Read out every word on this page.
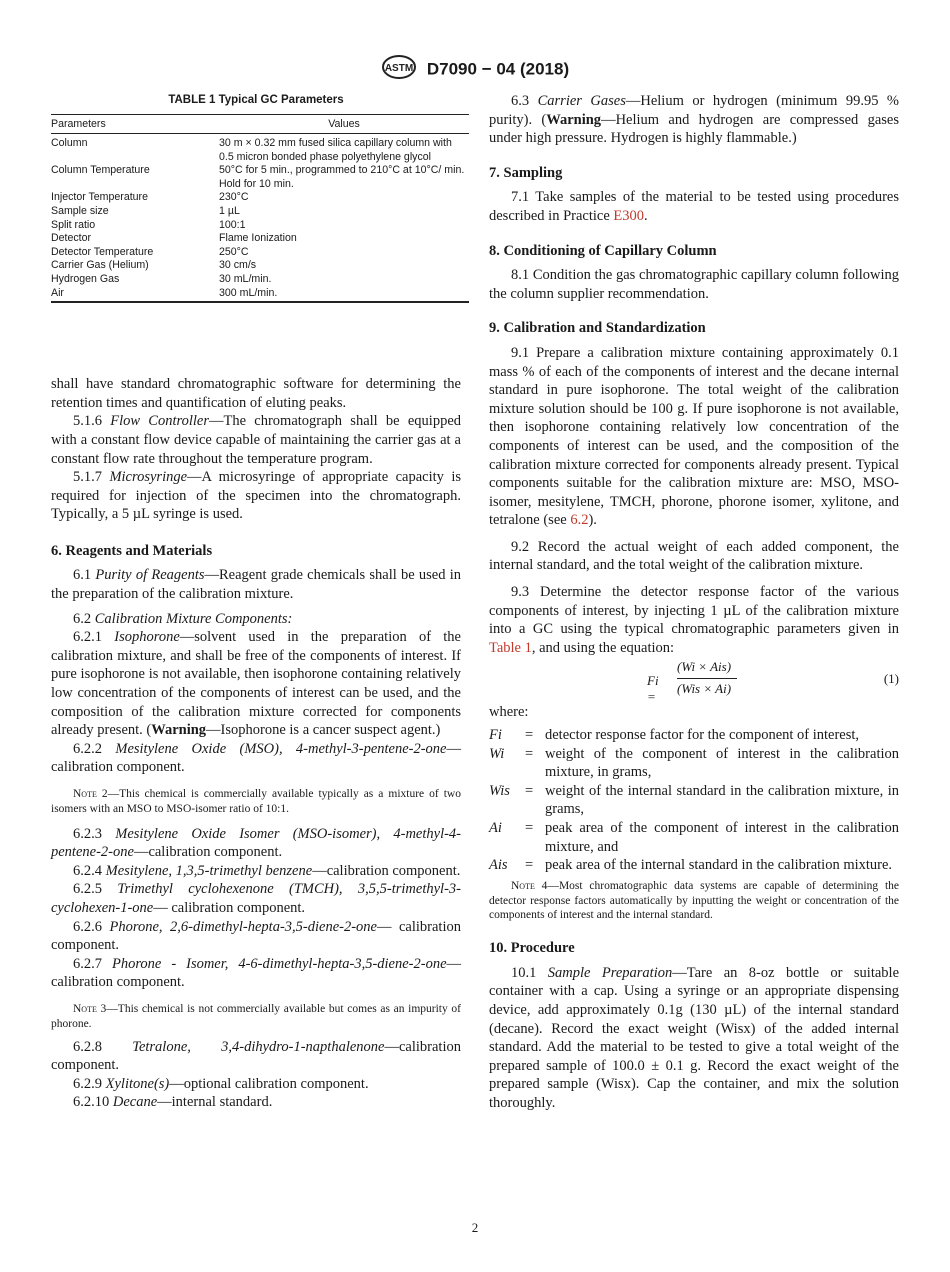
ASTM D7090 − 04 (2018)
TABLE 1 Typical GC Parameters
Parameters	Values
Column	30 m × 0.32 mm fused silica capillary column with 0.5 micron bonded phase polyethylene glycol
Column Temperature	50°C for 5 min., programmed to 210°C at 10°C/ min. Hold for 10 min.
Injector Temperature	230°C
Sample size	1 µL
Split ratio	100:1
Detector	Flame Ionization
Detector Temperature	250°C
Carrier Gas (Helium)	30 cm/s
Hydrogen Gas	30 mL/min.
Air	300 mL/min.

shall have standard chromatographic software for determining the retention times and quantification of eluting peaks.

5.1.6 Flow Controller—The chromatograph shall be equipped with a constant flow device capable of maintaining the carrier gas at a constant flow rate throughout the temperature program.

5.1.7 Microsyringe—A microsyringe of appropriate capacity is required for injection of the specimen into the chromatograph. Typically, a 5 µL syringe is used.

6. Reagents and Materials

6.1 Purity of Reagents—Reagent grade chemicals shall be used in the preparation of the calibration mixture.

6.2 Calibration Mixture Components:

6.2.1 Isophorone—solvent used in the preparation of the calibration mixture, and shall be free of the components of interest. If pure isophorone is not available, then isophorone containing relatively low concentration of the components of interest can be used, and the composition of the calibration mixture corrected for components already present. (Warning—Isophorone is a cancer suspect agent.)

6.2.2 Mesitylene Oxide (MSO), 4-methyl-3-pentene-2-one—calibration component.

Note 2—This chemical is commercially available typically as a mixture of two isomers with an MSO to MSO-isomer ratio of 10:1.

6.2.3 Mesitylene Oxide Isomer (MSO-isomer), 4-methyl-4-pentene-2-one—calibration component.

6.2.4 Mesitylene, 1,3,5-trimethyl benzene—calibration component.

6.2.5 Trimethyl cyclohexenone (TMCH), 3,5,5-trimethyl-3-cyclohexen-1-one— calibration component.

6.2.6 Phorone, 2,6-dimethyl-hepta-3,5-diene-2-one— calibration component.

6.2.7 Phorone - Isomer, 4-6-dimethyl-hepta-3,5-diene-2-one— calibration component.

Note 3—This chemical is not commercially available but comes as an impurity of phorone.

6.2.8 Tetralone, 3,4-dihydro-1-napthalenone—calibration component.

6.2.9 Xylitone(s)—optional calibration component.

6.2.10 Decane—internal standard.

6.3 Carrier Gases—Helium or hydrogen (minimum 99.95 % purity). (Warning—Helium and hydrogen are compressed gases under high pressure. Hydrogen is highly flammable.)

7. Sampling

7.1 Take samples of the material to be tested using procedures described in Practice E300.

8. Conditioning of Capillary Column

8.1 Condition the gas chromatographic capillary column following the column supplier recommendation.

9. Calibration and Standardization

9.1 Prepare a calibration mixture containing approximately 0.1 mass % of each of the components of interest and the decane internal standard in pure isophorone. The total weight of the calibration mixture solution should be 100 g. If pure isophorone is not available, then isophorone containing relatively low concentration of the components of interest can be used, and the composition of the calibration mixture corrected for components already present. Typical components suitable for the calibration mixture are: MSO, MSO-isomer, mesitylene, TMCH, phorone, phorone isomer, xylitone, and tetralone (see 6.2).

9.2 Record the actual weight of each added component, the internal standard, and the total weight of the calibration mixture.

9.3 Determine the detector response factor of the various components of interest, by injecting 1 µL of the calibration mixture into a GC using the typical chromatographic parameters given in Table 1, and using the equation:

Fi =
(Wi × Ais)
(Wis × Ai)
(1)

where:

Fi	= detector response factor for the component of interest,
Wi	= weight of the component of interest in the calibration mixture, in grams,
Wis	= weight of the internal standard in the calibration mixture, in grams,
Ai	= peak area of the component of interest in the calibration mixture, and
Ais	= peak area of the internal standard in the calibration mixture.

Note 4—Most chromatographic data systems are capable of determining the detector response factors automatically by inputting the weight or concentration of the components of interest and the internal standard.

10. Procedure

10.1 Sample Preparation—Tare an 8-oz bottle or suitable container with a cap. Using a syringe or an appropriate dispensing device, add approximately 0.1g (130 µL) of the internal standard (decane). Record the exact weight (Wisx) of the added internal standard. Add the material to be tested to give a total weight of the prepared sample of 100.0 ± 0.1 g. Record the exact weight of the prepared sample (Wisx). Cap the container, and mix the solution thoroughly.

2
